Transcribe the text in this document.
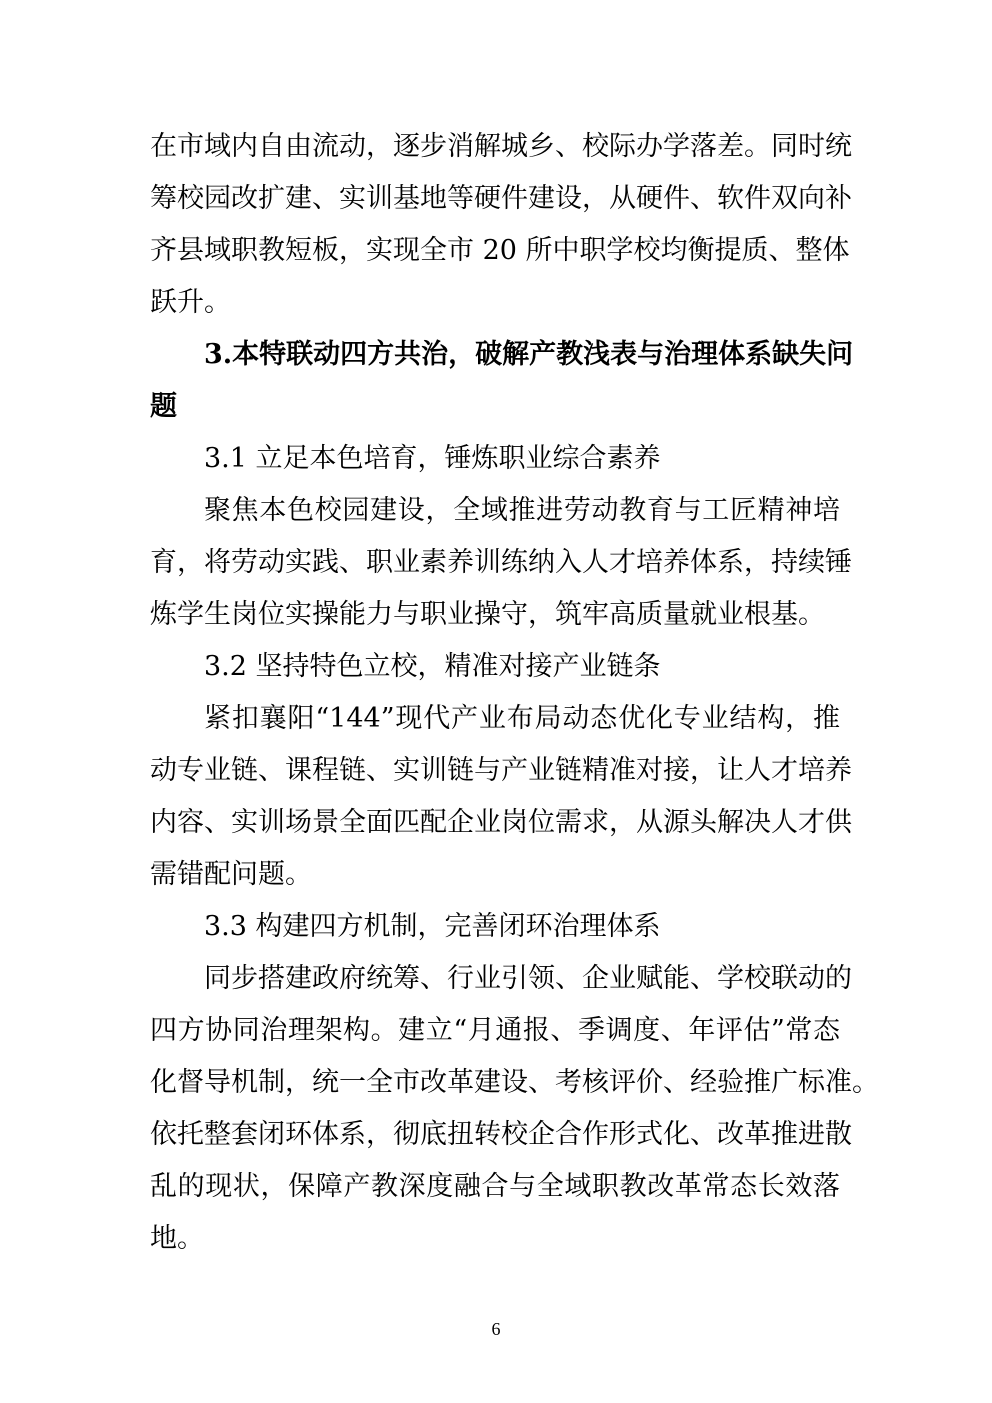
在市域内自由流动，逐步消解城乡、校际办学落差。同时统
筹校园改扩建、实训基地等硬件建设，从硬件、软件双向补
齐县域职教短板，实现全市 20 所中职学校均衡提质、整体
跃升。
3.本特联动四方共治，破解产教浅表与治理体系缺失问
题
3.1 立足本色培育，锤炼职业综合素养
聚焦本色校园建设，全域推进劳动教育与工匠精神培
育，将劳动实践、职业素养训练纳入人才培养体系，持续锤
炼学生岗位实操能力与职业操守，筑牢高质量就业根基。
3.2 坚持特色立校，精准对接产业链条
紧扣襄阳“144”现代产业布局动态优化专业结构，推
动专业链、课程链、实训链与产业链精准对接，让人才培养
内容、实训场景全面匹配企业岗位需求，从源头解决人才供
需错配问题。
3.3 构建四方机制，完善闭环治理体系
同步搭建政府统筹、行业引领、企业赋能、学校联动的
四方协同治理架构。建立“月通报、季调度、年评估”常态
化督导机制，统一全市改革建设、考核评价、经验推广标准。
依托整套闭环体系，彻底扭转校企合作形式化、改革推进散
乱的现状，保障产教深度融合与全域职教改革常态长效落
地。
6
